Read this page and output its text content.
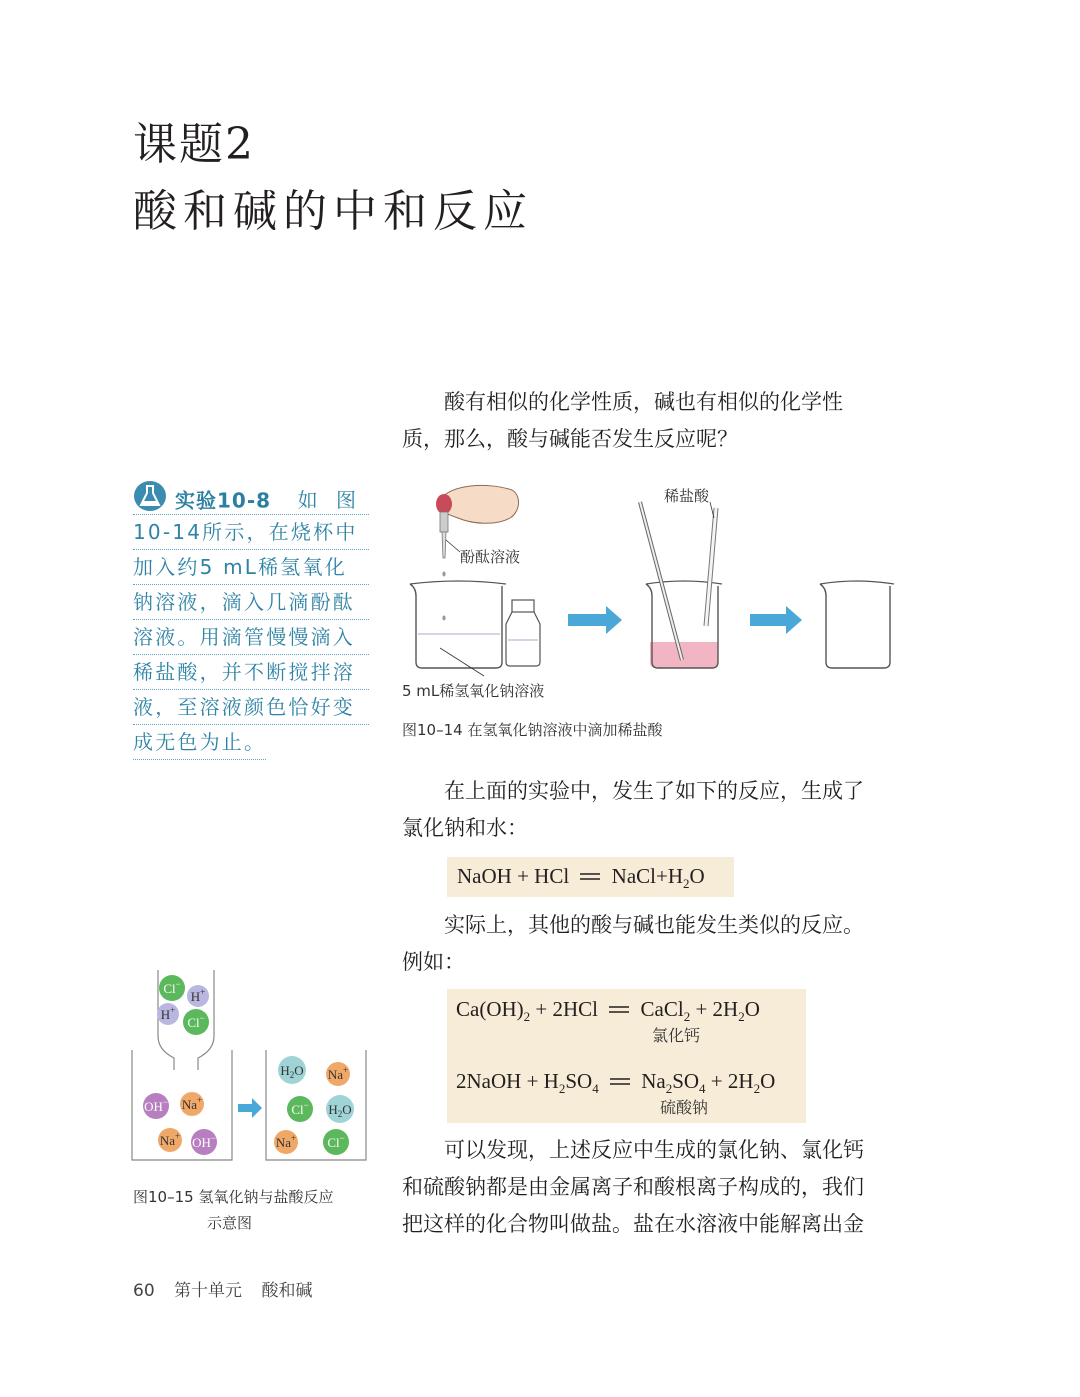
课题2
酸和碱的中和反应

酸有相似的化学性质，碱也有相似的化学性

质，那么，酸与碱能否发生反应呢？
实验10-8 如 图
10-14所示，在烧杯中
加入约5 mL稀氢氧化
钠溶液，滴入几滴酚酞
溶液。用滴管慢慢滴入
稀盐酸，并不断搅拌溶
液，至溶液颜色恰好变
成无色为止。
酚酞溶液
稀盐酸
5 mL稀氢氧化钠溶液
图10–14 在氢氧化钠溶液中滴加稀盐酸

在上面的实验中，发生了如下的反应，生成了

氯化钠和水：
NaOH + HCl $NaCl+H_2O$

实际上，其他的酸与碱也能发生类似的反应。

例如：
$Ca(OH)_2 + 2HCl$ CaCl$_2$ + $2H_2O$
氯化钙
2NaOH + $H_2SO_4$ $Na_2SO_4 + 2H_2O$
硫酸钠

可以发现，上述反应中生成的氯化钠、氯化钙

和硫酸钠都是由金属离子和酸根离子构成的，我们
把这样的化合物叫做盐。盐在水溶液中能解离出金
Cl−
H+
H+
Cl−
OH− Na+
Na+ OH−
$H_2O$ Na+
Cl− $H_2O$
Na+ Cl−
图10–15 氢氧化钠与盐酸反应
示意图
60 第十单元 酸和碱
